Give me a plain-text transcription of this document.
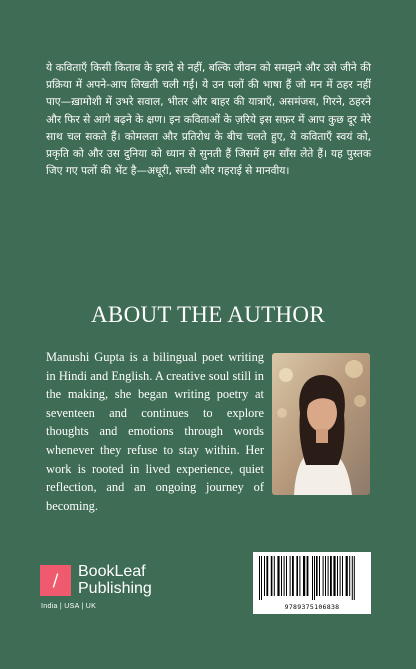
ये कविताएँ किसी किताब के इरादे से नहीं, बल्कि जीवन को समझने और उसे जीने की प्रक्रिया में अपने-आप लिखती चली गईं। ये उन पलों की भाषा हैं जो मन में ठहर नहीं पाए—ख़ामोशी में उभरे सवाल, भीतर और बाहर की यात्राएँ, असमंजस, गिरने, ठहरने और फिर से आगे बढ़ने के क्षण। इन कविताओं के ज़रिये इस सफ़र में आप कुछ दूर मेरे साथ चल सकते हैं। कोमलता और प्रतिरोध के बीच चलते हुए, ये कविताएँ स्वयं को, प्रकृति को और उस दुनिया को ध्यान से सुनती हैं जिसमें हम साँस लेते हैं। यह पुस्तक जिए गए पलों की भेंट है—अधूरी, सच्ची और गहराई से मानवीय।
ABOUT THE AUTHOR
Manushi Gupta is a bilingual poet writing in Hindi and English. A creative soul still in the making, she began writing poetry at seventeen and continues to explore thoughts and emotions through words whenever they refuse to stay within. Her work is rooted in lived experience, quiet reflection, and an ongoing journey of becoming.
/	BookLeaf
Publishing
India | USA | UK	9789375106838
